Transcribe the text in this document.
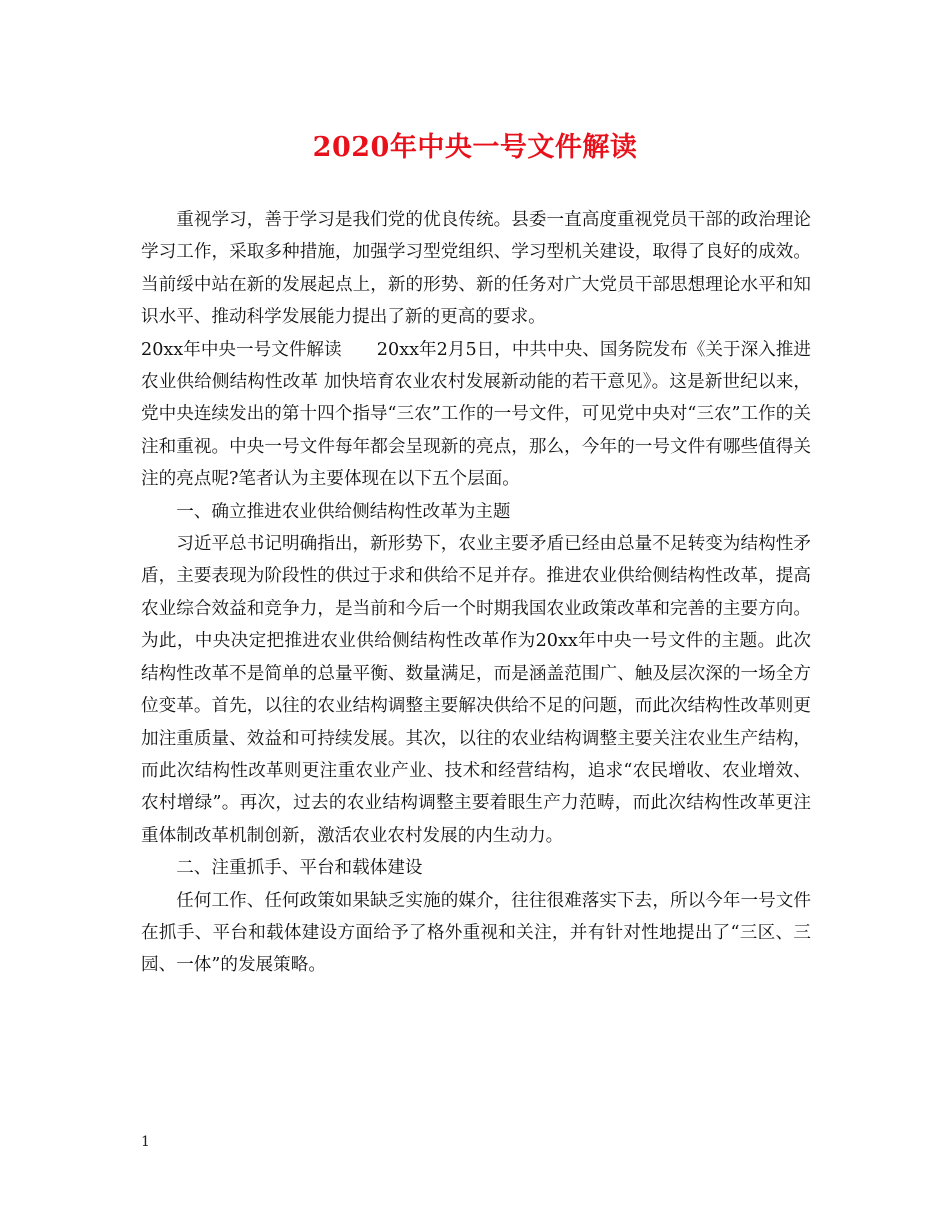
2020年中央一号文件解读

重视学习，善于学习是我们党的优良传统。县委一直高度重视党员干部的政治理论学习工作，采取多种措施，加强学习型党组织、学习型机关建设，取得了良好的成效。当前绥中站在新的发展起点上，新的形势、新的任务对广大党员干部思想理论水平和知识水平、推动科学发展能力提出了新的更高的要求。

20xx年中央一号文件解读　　20xx年2月5日，中共中央、国务院发布《关于深入推进农业供给侧结构性改革 加快培育农业农村发展新动能的若干意见》。这是新世纪以来，党中央连续发出的第十四个指导“三农”工作的一号文件，可见党中央对“三农”工作的关注和重视。中央一号文件每年都会呈现新的亮点，那么，今年的一号文件有哪些值得关注的亮点呢?笔者认为主要体现在以下五个层面。

一、确立推进农业供给侧结构性改革为主题

习近平总书记明确指出，新形势下，农业主要矛盾已经由总量不足转变为结构性矛盾，主要表现为阶段性的供过于求和供给不足并存。推进农业供给侧结构性改革，提高农业综合效益和竞争力，是当前和今后一个时期我国农业政策改革和完善的主要方向。为此，中央决定把推进农业供给侧结构性改革作为20xx年中央一号文件的主题。此次结构性改革不是简单的总量平衡、数量满足，而是涵盖范围广、触及层次深的一场全方位变革。首先，以往的农业结构调整主要解决供给不足的问题，而此次结构性改革则更加注重质量、效益和可持续发展。其次，以往的农业结构调整主要关注农业生产结构，而此次结构性改革则更注重农业产业、技术和经营结构，追求“农民增收、农业增效、农村增绿”。再次，过去的农业结构调整主要着眼生产力范畴，而此次结构性改革更注重体制改革机制创新，激活农业农村发展的内生动力。

二、注重抓手、平台和载体建设

任何工作、任何政策如果缺乏实施的媒介，往往很难落实下去，所以今年一号文件在抓手、平台和载体建设方面给予了格外重视和关注，并有针对性地提出了“三区、三园、一体”的发展策略。

1
